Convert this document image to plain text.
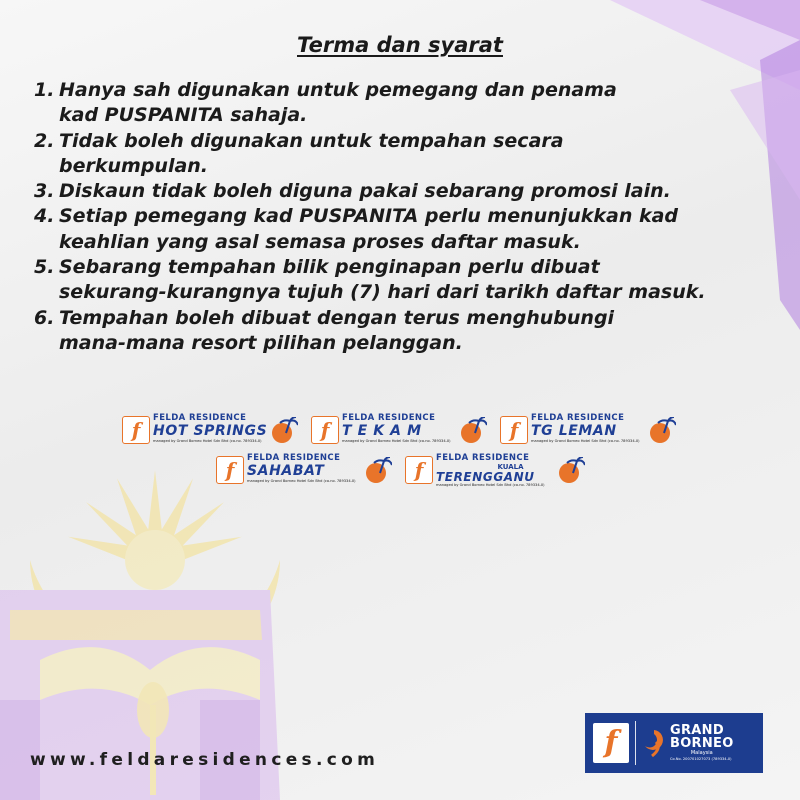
Terma dan syarat
1. Hanya sah digunakan untuk pemegang dan penama
kad PUSPANITA sahaja.
2. Tidak boleh digunakan untuk tempahan secara
berkumpulan.
3. Diskaun tidak boleh diguna pakai sebarang promosi lain.
4. Setiap pemegang kad PUSPANITA perlu menunjukkan kad
keahlian yang asal semasa proses daftar masuk.
5. Sebarang tempahan bilik penginapan perlu dibuat
sekurang-kurangnya tujuh (7) hari dari tarikh daftar masuk.
6. Tempahan boleh dibuat dengan terus menghubungi
mana-mana resort pilihan pelanggan.
f	FELDA RESIDENCE
HOT SPRINGS
managed by Grand Borneo Hotel Sdn Bhd (co.no. 789334-X)	f	FELDA RESIDENCE
T E K A M
managed by Grand Borneo Hotel Sdn Bhd (co.no. 789334-X)	f	FELDA RESIDENCE
TG LEMAN
managed by Grand Borneo Hotel Sdn Bhd (co.no. 789334-X)
f	FELDA RESIDENCE
SAHABAT
managed by Grand Borneo Hotel Sdn Bhd (co.no. 789334-X)	f	FELDA RESIDENCE
KUALA
TERENGGANU
managed by Grand Borneo Hotel Sdn Bhd (co.no. 789334-X)
www.feldaresidences.com	f	GRAND
BORNEO
Malaysia
Co.No. 200701027073 (789334-X)
